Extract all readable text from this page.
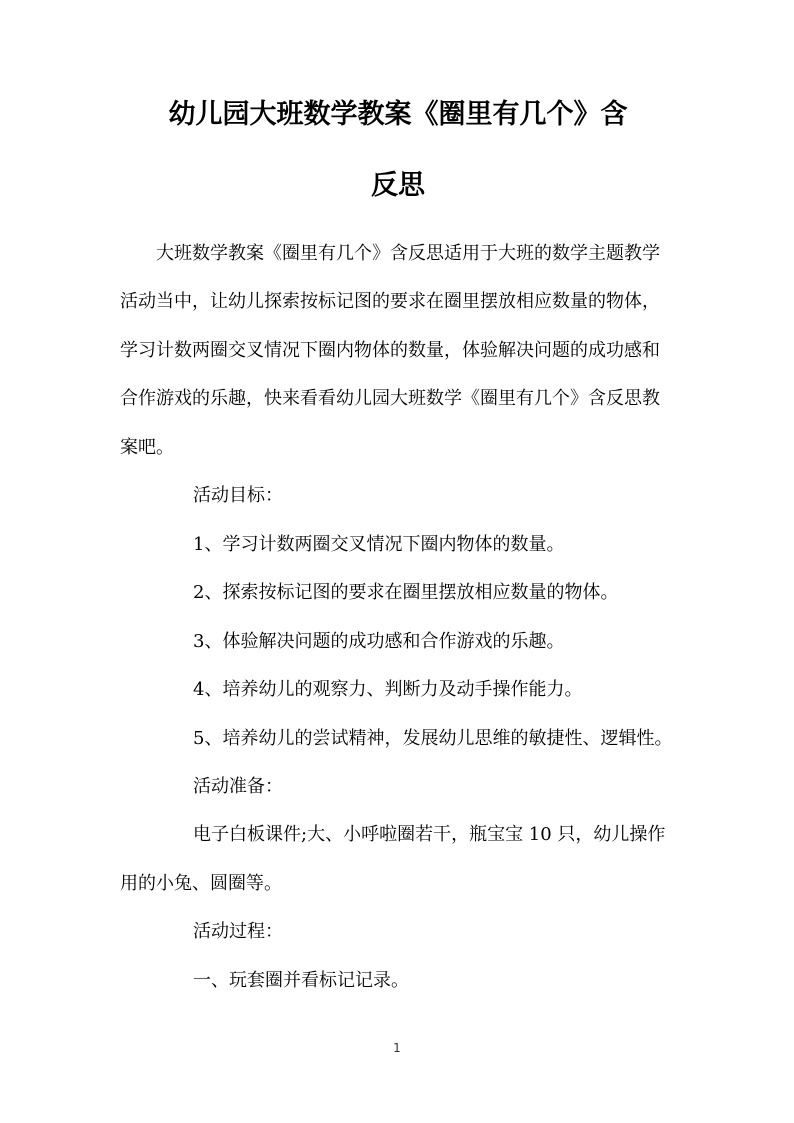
幼儿园大班数学教案《圈里有几个》含
反思

大班数学教案《圈里有几个》含反思适用于大班的数学主题教学

活动当中，让幼儿探索按标记图的要求在圈里摆放相应数量的物体，

学习计数两圈交叉情况下圈内物体的数量，体验解决问题的成功感和

合作游戏的乐趣，快来看看幼儿园大班数学《圈里有几个》含反思教

案吧。

活动目标：

1、学习计数两圈交叉情况下圈内物体的数量。

2、探索按标记图的要求在圈里摆放相应数量的物体。

3、体验解决问题的成功感和合作游戏的乐趣。

4、培养幼儿的观察力、判断力及动手操作能力。

5、培养幼儿的尝试精神，发展幼儿思维的敏捷性、逻辑性。

活动准备：

电子白板课件;大、小呼啦圈若干，瓶宝宝 10 只，幼儿操作

用的小兔、圆圈等。

活动过程：

一、玩套圈并看标记记录。

1
